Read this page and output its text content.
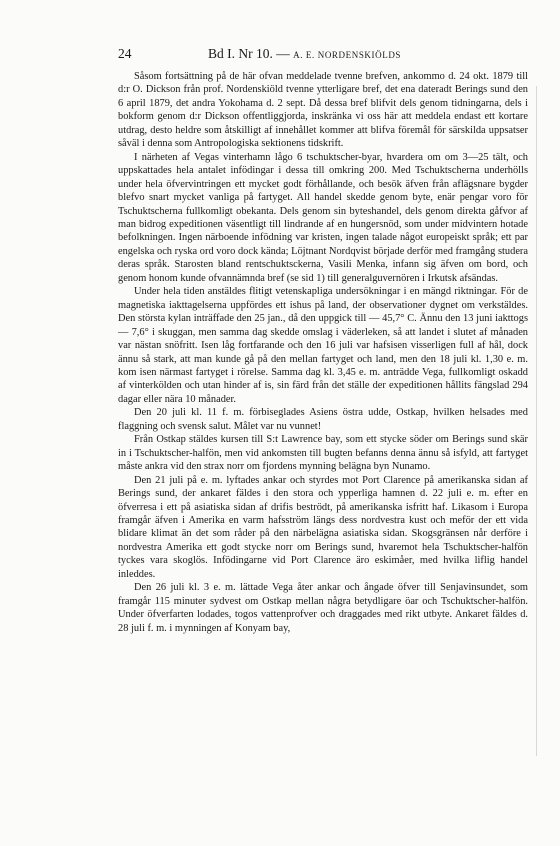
24	Bd I. Nr 10. — A. E. NORDENSKIÖLDS

Såsom fortsättning på de här ofvan meddelade tvenne brefven, ankommo d. 24 okt. 1879 till d:r O. Dickson från prof. Nordenskiöld tvenne ytterligare bref, det ena dateradt Berings sund den 6 april 1879, det andra Yokohama d. 2 sept. Då dessa bref blifvit dels genom tidningarna, dels i bokform genom d:r Dickson offentliggjorda, inskränka vi oss här att meddela endast ett kortare utdrag, desto heldre som åtskilligt af innehållet kommer att blifva föremål för särskilda uppsatser såväl i denna som Antropologiska sektionens tidskrift.

I närheten af Vegas vinterhamn lågo 6 tschuktscher-byar, hvardera om om 3—25 tält, och uppskattades hela antalet infödingar i dessa till omkring 200. Med Tschuktscherna underhölls under hela öfvervintringen ett mycket godt förhållande, och besök äfven från aflägsnare bygder blefvo snart mycket vanliga på fartyget. All handel skedde genom byte, enär pengar voro för Tschuktscherna fullkomligt obekanta. Dels genom sin byteshandel, dels genom direkta gåfvor af man bidrog expeditionen väsentligt till lindrande af en hungersnöd, som under midvintern hotade befolkningen. Ingen närboende infödning var kristen, ingen talade något europeiskt språk; ett par engelska och ryska ord voro dock kända; Löjtnant Nordqvist började derför med framgång studera deras språk. Starosten bland rentschuktsckerna, Vasili Menka, infann sig äfven om bord, och genom honom kunde ofvannämnda bref (se sid 1) till generalguvernören i Irkutsk afsändas.

Under hela tiden anstäldes flitigt vetenskapliga undersökningar i en mängd riktningar. För de magnetiska iakttagelserna uppfördes ett ishus på land, der observationer dygnet om verkstäldes. Den största kylan inträffade den 25 jan., då den uppgick till — 45,7° C. Ännu den 13 juni iakttogs — 7,6° i skuggan, men samma dag skedde omslag i väderleken, så att landet i slutet af månaden var nästan snöfritt. Isen låg fortfarande och den 16 juli var hafsisen visserligen full af hål, dock ännu så stark, att man kunde gå på den mellan fartyget och land, men den 18 juli kl. 1,30 e. m. kom isen närmast fartyget i rörelse. Samma dag kl. 3,45 e. m. anträdde Vega, fullkomligt oskadd af vinterkölden och utan hinder af is, sin färd från det ställe der expeditionen hållits fängslad 294 dagar eller nära 10 månader.

Den 20 juli kl. 11 f. m. förbiseglades Asiens östra udde, Ostkap, hvilken helsades med flaggning och svensk salut. Målet var nu vunnet!

Från Ostkap stäldes kursen till S:t Lawrence bay, som ett stycke söder om Berings sund skär in i Tschuktscher-halfön, men vid ankomsten till bugten befanns denna ännu så isfyld, att fartyget måste ankra vid den strax norr om fjordens mynning belägna byn Nunamo.

Den 21 juli på e. m. lyftades ankar och styrdes mot Port Clarence på amerikanska sidan af Berings sund, der ankaret fäldes i den stora och ypperliga hamnen d. 22 juli e. m. efter en öfverresa i ett på asiatiska sidan af drifis beströdt, på amerikanska isfritt haf. Likasom i Europa framgår äfven i Amerika en varm hafsström längs dess nordvestra kust och meför der ett vida blidare klimat än det som råder på den närbelägna asiatiska sidan. Skogsgränsen når derföre i nordvestra Amerika ett godt stycke norr om Berings sund, hvaremot hela Tschuktscher-halfön tyckes vara skoglös. Infödingarne vid Port Clarence äro eskimåer, med hvilka liflig handel inleddes.

Den 26 juli kl. 3 e. m. lättade Vega åter ankar och ångade öfver till Senjavinsundet, som framgår 115 minuter sydvest om Ostkap mellan några betydligare öar och Tschuktscher-halfön. Under öfverfarten lodades, togos vattenprofver och draggades med rikt utbyte. Ankaret fäldes d. 28 juli f. m. i mynningen af Konyam bay,
